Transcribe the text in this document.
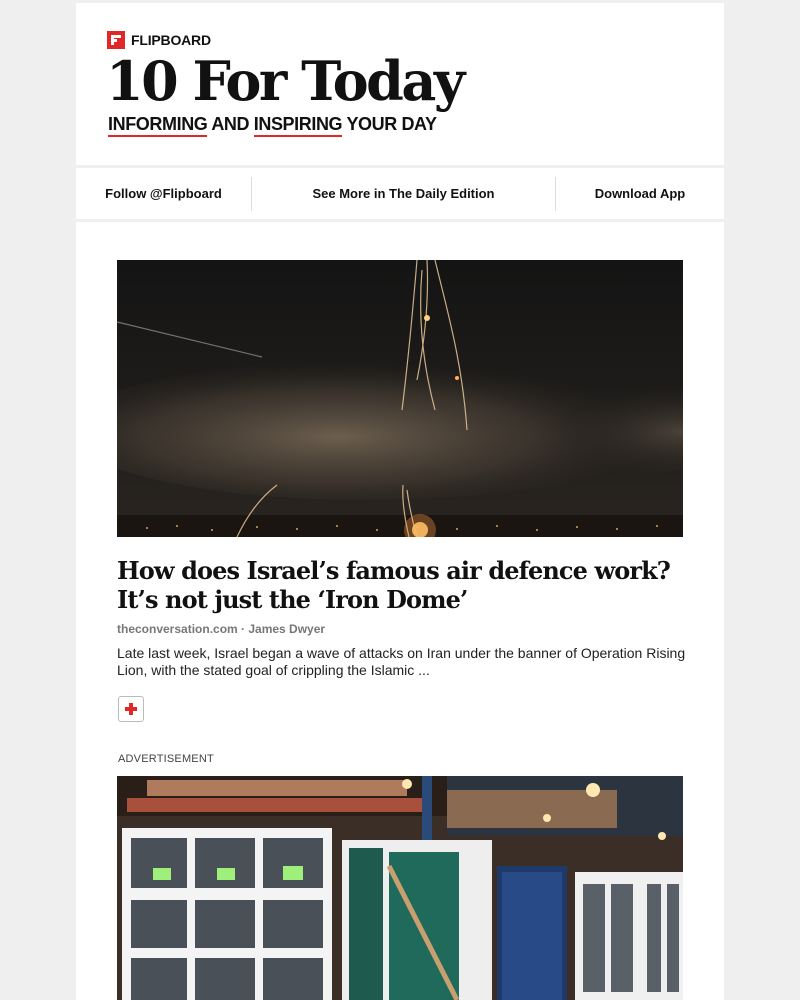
FLIPBOARD
10 For Today
INFORMING AND INSPIRING YOUR DAY
Follow @Flipboard	See More in The Daily Edition	Download App
How does Israel’s famous air defence work? It’s not just the ‘Iron Dome’
theconversation.com · James Dwyer
Late last week, Israel began a wave of attacks on Iran under the banner of Operation Rising Lion, with the stated goal of crippling the Islamic ...
ADVERTISEMENT
